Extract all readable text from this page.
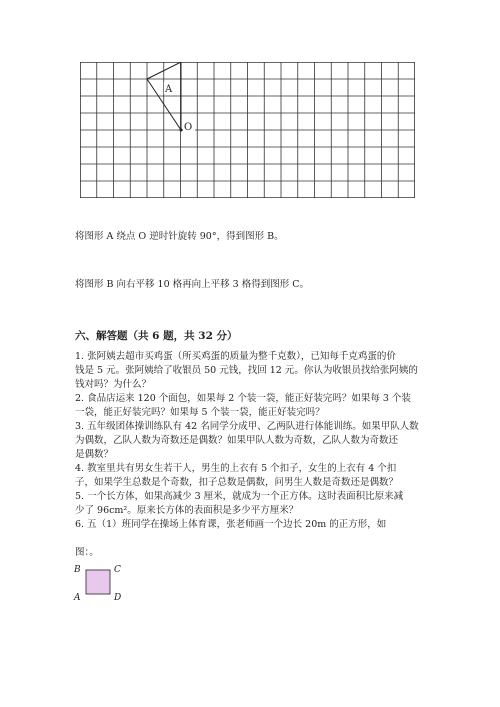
A
O
将图形 A 绕点 O 逆时针旋转 90°，得到图形 B。
将图形 B 向右平移 10 格再向上平移 3 格得到图形 C。
六、解答题（共 6 题，共 32 分）
1. 张阿姨去超市买鸡蛋（所买鸡蛋的质量为整千克数），已知每千克鸡蛋的价
钱是 5 元。张阿姨给了收银员 50 元钱，找回 12 元。你认为收银员找给张阿姨的
钱对吗？为什么？
2. 食品店运来 120 个面包，如果每 2 个装一袋，能正好装完吗？如果每 3 个装
一袋，能正好装完吗？如果每 5 个装一袋，能正好装完吗？
3. 五年级团体操训练队有 42 名同学分成甲、乙两队进行体能训练。如果甲队人数
为偶数，乙队人数为奇数还是偶数？如果甲队人数为奇数，乙队人数为奇数还
是偶数？
4. 教室里共有男女生若干人，男生的上衣有 5 个扣子，女生的上衣有 4 个扣
子，如果学生总数是个奇数，扣子总数是偶数，问男生人数是奇数还是偶数？
5. 一个长方体，如果高减少 3 厘米，就成为一个正方体。这时表面积比原来减
少了 96cm²。原来长方体的表面积是多少平方厘米？
6. 五（1）班同学在操场上体育课，张老师画一个边长 20m 的正方形，如
图：。
B	C
A	D
